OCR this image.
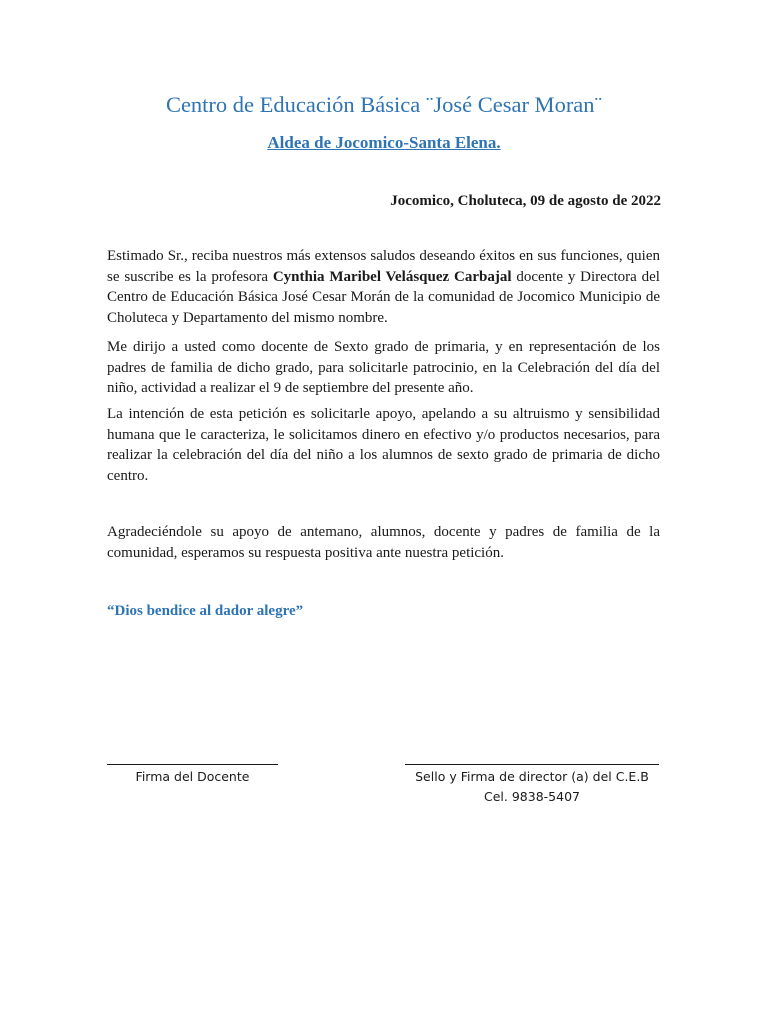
Centro de Educación Básica ¨José Cesar Moran¨
Aldea de Jocomico-Santa Elena.
Jocomico, Choluteca, 09 de agosto de 2022

Estimado Sr., reciba nuestros más extensos saludos deseando éxitos en sus funciones, quien se suscribe es la profesora Cynthia Maribel Velásquez Carbajal docente y Directora del Centro de Educación Básica José Cesar Morán de la comunidad de Jocomico Municipio de Choluteca y Departamento del mismo nombre.

Me dirijo a usted como docente de Sexto grado de primaria, y en representación de los padres de familia de dicho grado, para solicitarle patrocinio, en la Celebración del día del niño, actividad a realizar el 9 de septiembre del presente año.

La intención de esta petición es solicitarle apoyo, apelando a su altruismo y sensibilidad humana que le caracteriza, le solicitamos dinero en efectivo y/o productos necesarios, para realizar la celebración del día del niño a los alumnos de sexto grado de primaria de dicho centro.

Agradeciéndole su apoyo de antemano, alumnos, docente y padres de familia de la comunidad, esperamos su respuesta positiva ante nuestra petición.

“Dios bendice al dador alegre”
Firma del Docente	Sello y Firma de director (a) del C.E.B
Cel. 9838-5407
